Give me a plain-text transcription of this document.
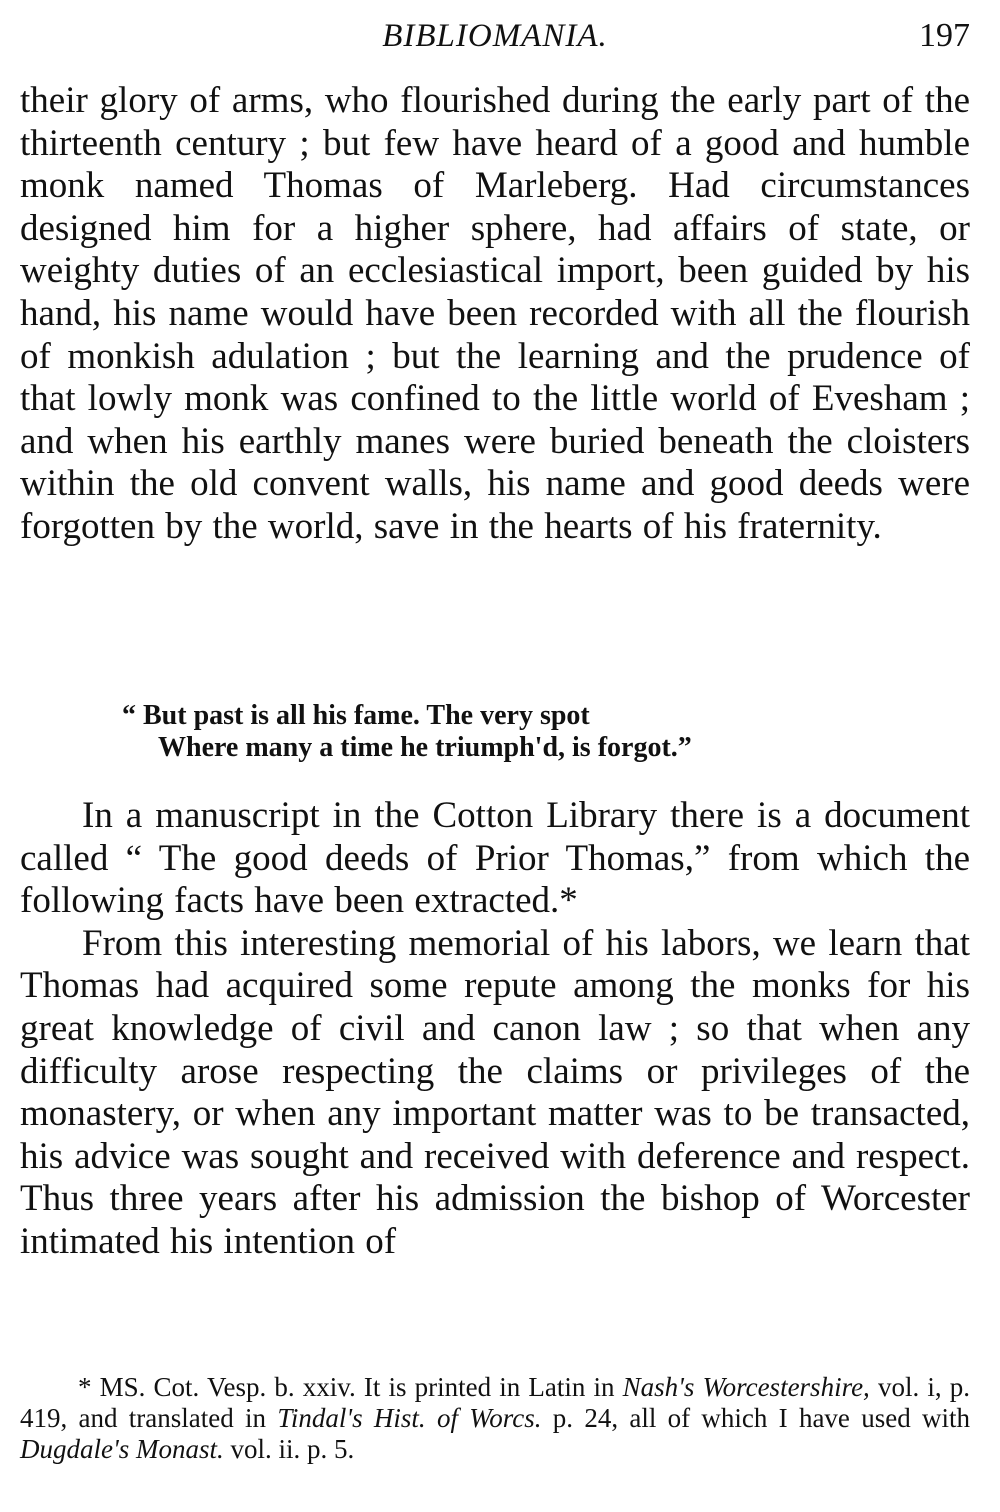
BIBLIOMANIA.	197

their glory of arms, who flourished during the early part of the thirteenth century ; but few have heard of a good and humble monk named Thomas of Marleberg. Had circumstances designed him for a higher sphere, had affairs of state, or weighty duties of an ecclesiastical import, been guided by his hand, his name would have been recorded with all the flourish of monkish adulation ; but the learning and the prudence of that lowly monk was confined to the little world of Evesham ; and when his earthly manes were buried beneath the cloisters within the old convent walls, his name and good deeds were forgotten by the world, save in the hearts of his fraternity.

“ But past is all his fame. The very spot
Where many a time he triumph'd, is forgot.”

In a manuscript in the Cotton Library there is a document called “ The good deeds of Prior Thomas,” from which the following facts have been extracted.*

From this interesting memorial of his labors, we learn that Thomas had acquired some repute among the monks for his great knowledge of civil and canon law ; so that when any difficulty arose respecting the claims or privileges of the monastery, or when any important matter was to be transacted, his advice was sought and received with deference and respect. Thus three years after his admission the bishop of Worcester intimated his intention of

* MS. Cot. Vesp. b. xxiv. It is printed in Latin in Nash's Worcestershire, vol. i, p. 419, and translated in Tindal's Hist. of Worcs. p. 24, all of which I have used with Dugdale's Monast. vol. ii. p. 5.
